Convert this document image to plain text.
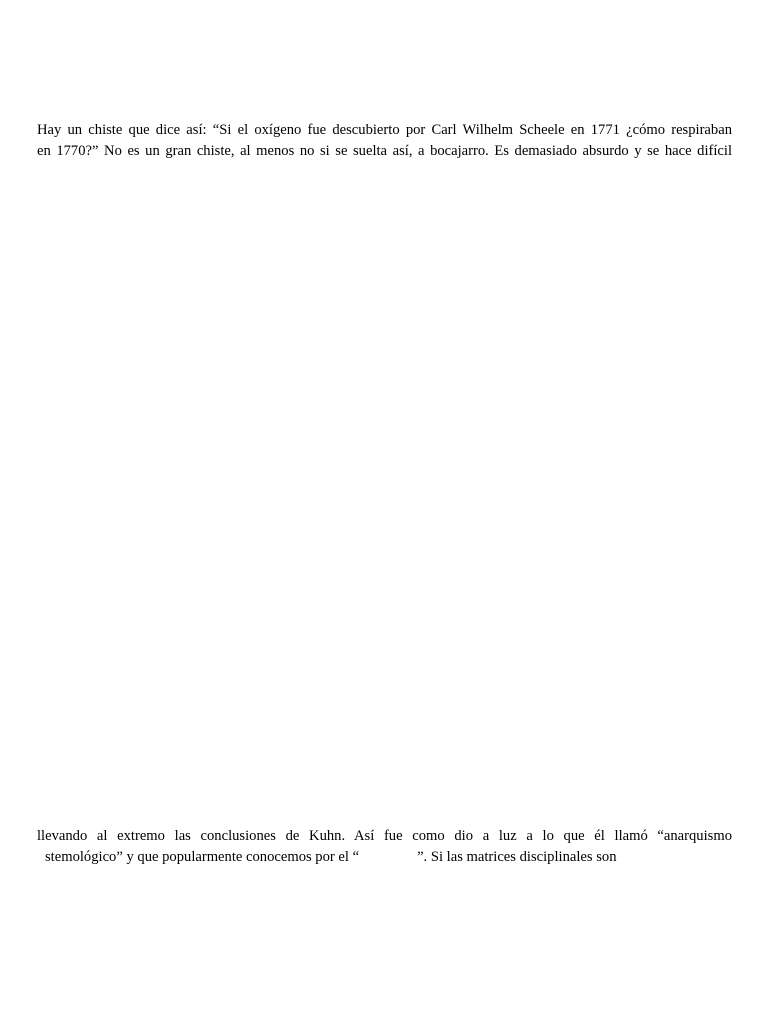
Hay un chiste que dice así: “Si el oxígeno fue descubierto por Carl Wilhelm Scheele en 1771 ¿cómo respiraban
en 1770?” No es un gran chiste, al menos no si se suelta así, a bocajarro. Es demasiado absurdo y se hace difícil
llevando al extremo las conclusiones de Kuhn. Así fue como dio a luz a lo que él llamó “anarquismo
stemológico” y que popularmente conocemos por el “	”. Si las matrices disciplinales son
